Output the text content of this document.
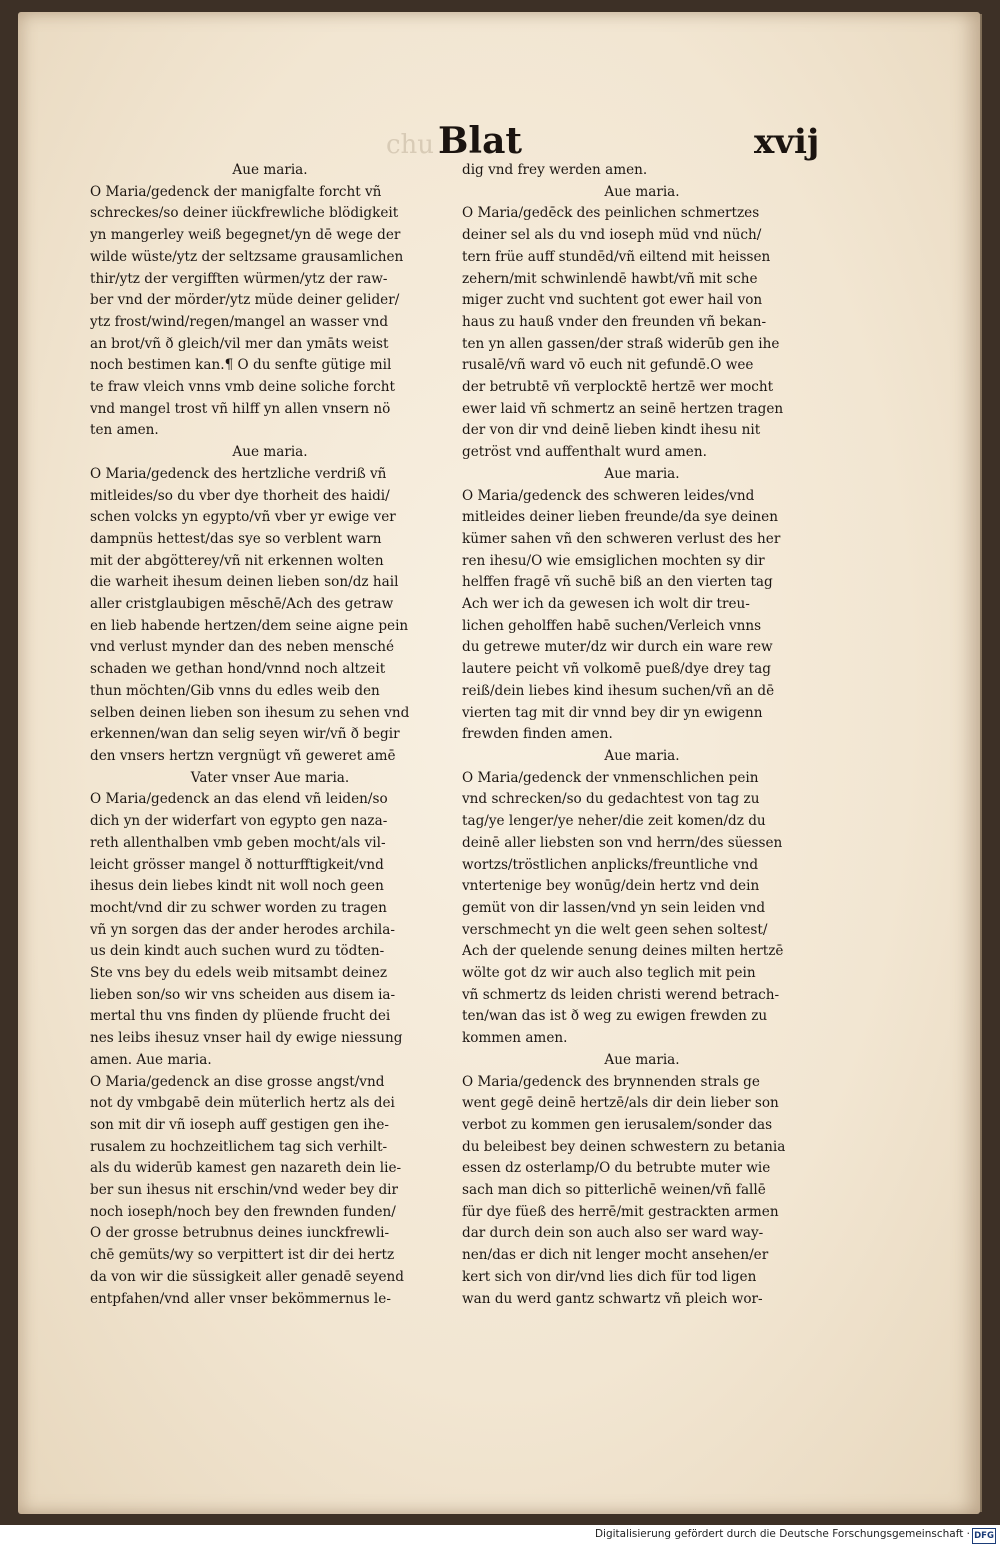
chu Blat	xvij
Aue maria.
O Maria/gedenck der manigfalte forcht vñ
schreckes/so deiner iückfrewliche blödigkeit
yn mangerley weiß begegnet/yn dē wege der
wilde wüste/ytz der seltzsame grausamlichen
thir/ytz der vergifften würmen/ytz der raw-
ber vnd der mörder/ytz müde deiner gelider/
ytz frost/wind/regen/mangel an wasser vnd
an brot/vñ ð gleich/vil mer dan ymāts weist
noch bestimen kan.¶ O du senfte gütige mil
te fraw vleich vnns vmb deine soliche forcht
vnd mangel trost vñ hilff yn allen vnsern nö
ten amen.
Aue maria.
O Maria/gedenck des hertzliche verdriß vñ
mitleides/so du vber dye thorheit des haidi/
schen volcks yn egypto/vñ vber yr ewige ver
dampnüs hettest/das sye so verblent warn
mit der abgötterey/vñ nit erkennen wolten
die warheit ihesum deinen lieben son/dz hail
aller cristglaubigen mēschē/Ach des getraw
en lieb habende hertzen/dem seine aigne pein
vnd verlust mynder dan des neben mensché
schaden we gethan hond/vnnd noch altzeit
thun möchten/Gib vnns du edles weib den
selben deinen lieben son ihesum zu sehen vnd
erkennen/wan dan selig seyen wir/vñ ð begir
den vnsers hertzn vergnügt vñ geweret amē
Vater vnser Aue maria.
O Maria/gedenck an das elend vñ leiden/so
dich yn der widerfart von egypto gen naza-
reth allenthalben vmb geben mocht/als vil-
leicht grösser mangel ð notturfftigkeit/vnd
ihesus dein liebes kindt nit woll noch geen
mocht/vnd dir zu schwer worden zu tragen
vñ yn sorgen das der ander herodes archila-
us dein kindt auch suchen wurd zu tödten-
Ste vns bey du edels weib mitsambt deinez
lieben son/so wir vns scheiden aus disem ia-
mertal thu vns finden dy plüende frucht dei
nes leibs ihesuz vnser hail dy ewige niessung
amen. Aue maria.
O Maria/gedenck an dise grosse angst/vnd
not dy vmbgabē dein müterlich hertz als dei
son mit dir vñ ioseph auff gestigen gen ihe-
rusalem zu hochzeitlichem tag sich verhilt-
als du widerūb kamest gen nazareth dein lie-
ber sun ihesus nit erschin/vnd weder bey dir
noch ioseph/noch bey den frewnden funden/
O der grosse betrubnus deines iunckfrewli-
chē gemüts/wy so verpittert ist dir dei hertz
da von wir die süssigkeit aller genadē seyend
entpfahen/vnd aller vnser bekömmernus le-
dig vnd frey werden amen.
Aue maria.
O Maria/gedēck des peinlichen schmertzes
deiner sel als du vnd ioseph müd vnd nüch/
tern früe auff stundēd/vñ eiltend mit heissen
zehern/mit schwinlendē hawbt/vñ mit sche
miger zucht vnd suchtent got ewer hail von
haus zu hauß vnder den freunden vñ bekan-
ten yn allen gassen/der straß widerūb gen ihe
rusalē/vñ ward vō euch nit gefundē.O wee
der betrubtē vñ verplocktē hertzē wer mocht
ewer laid vñ schmertz an seinē hertzen tragen
der von dir vnd deinē lieben kindt ihesu nit
getröst vnd auffenthalt wurd amen.
Aue maria.
O Maria/gedenck des schweren leides/vnd
mitleides deiner lieben freunde/da sye deinen
kümer sahen vñ den schweren verlust des her
ren ihesu/O wie emsiglichen mochten sy dir
helffen fragē vñ suchē biß an den vierten tag
Ach wer ich da gewesen ich wolt dir treu-
lichen geholffen habē suchen/Verleich vnns
du getrewe muter/dz wir durch ein ware rew
lautere peicht vñ volkomē pueß/dye drey tag
reiß/dein liebes kind ihesum suchen/vñ an dē
vierten tag mit dir vnnd bey dir yn ewigenn
frewden finden amen.
Aue maria.
O Maria/gedenck der vnmenschlichen pein
vnd schrecken/so du gedachtest von tag zu
tag/ye lenger/ye neher/die zeit komen/dz du
deinē aller liebsten son vnd herrn/des süessen
wortzs/tröstlichen anplicks/freuntliche vnd
vntertenige bey wonūg/dein hertz vnd dein
gemüt von dir lassen/vnd yn sein leiden vnd
verschmecht yn die welt geen sehen soltest/
Ach der quelende senung deines milten hertzē
wölte got dz wir auch also teglich mit pein
vñ schmertz ds leiden christi werend betrach-
ten/wan das ist ð weg zu ewigen frewden zu
kommen amen.
Aue maria.
O Maria/gedenck des brynnenden strals ge
went gegē deinē hertzē/als dir dein lieber son
verbot zu kommen gen ierusalem/sonder das
du beleibest bey deinen schwestern zu betania
essen dz osterlamp/O du betrubte muter wie
sach man dich so pitterlichē weinen/vñ fallē
für dye füeß des herrē/mit gestrackten armen
dar durch dein son auch also ser ward way-
nen/das er dich nit lenger mocht ansehen/er
kert sich von dir/vnd lies dich für tod ligen
wan du werd gantz schwartz vñ pleich wor-
Digitalisierung gefördert durch die Deutsche Forschungsgemeinschaft · DFG
